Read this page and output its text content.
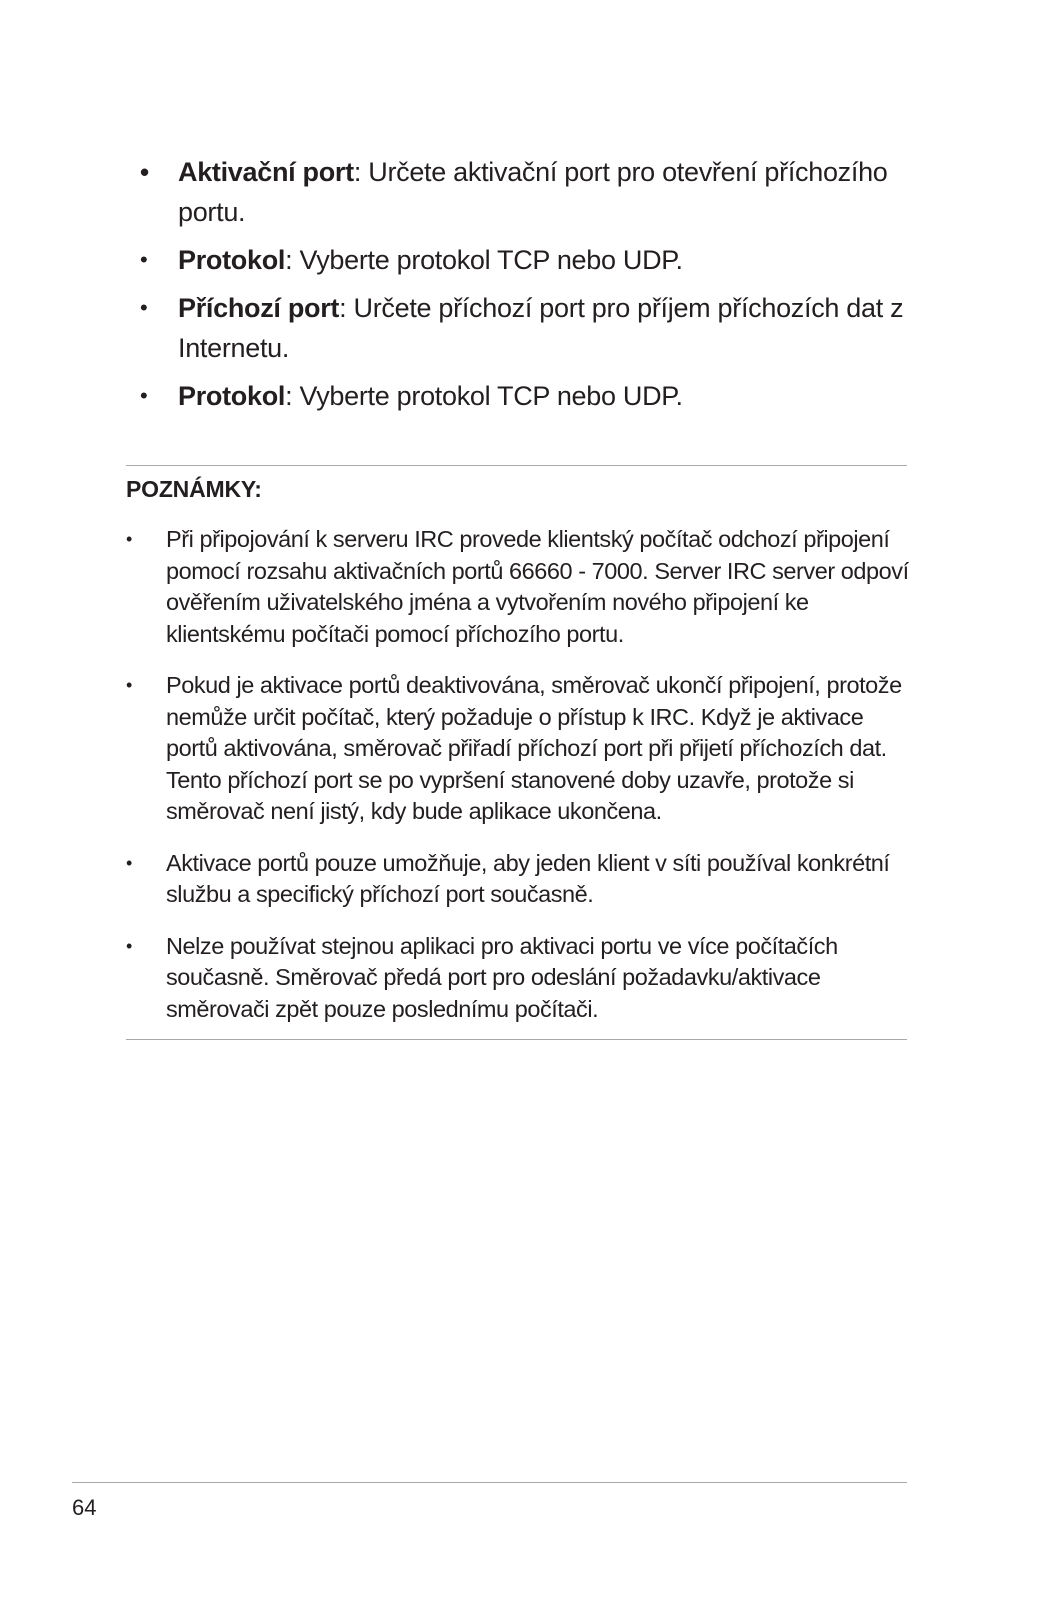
•	Aktivační port: Určete aktivační port pro otevření příchozího portu.
•	Protokol: Vyberte protokol TCP nebo UDP.
•	Příchozí port: Určete příchozí port pro příjem příchozích dat z Internetu.
•	Protokol: Vyberte protokol TCP nebo UDP.
POZNÁMKY:
• Při připojování k serveru IRC provede klientský počítač odchozí připojení pomocí rozsahu aktivačních portů 66660 - 7000. Server IRC server odpoví ověřením uživatelského jména a vytvořením nového připojení ke klientskému počítači pomocí příchozího portu.
• Pokud je aktivace portů deaktivována, směrovač ukončí připojení, protože nemůže určit počítač, který požaduje o přístup k IRC. Když je aktivace portů aktivována, směrovač přiřadí příchozí port při přijetí příchozích dat. Tento příchozí port se po vypršení stanovené doby uzavře, protože si směrovač není jistý, kdy bude aplikace ukončena.
• Aktivace portů pouze umožňuje, aby jeden klient v síti používal konkrétní službu a specifický příchozí port současně.
• Nelze používat stejnou aplikaci pro aktivaci portu ve více počítačích současně. Směrovač předá port pro odeslání požadavku/aktivace směrovači zpět pouze poslednímu počítači.
64
